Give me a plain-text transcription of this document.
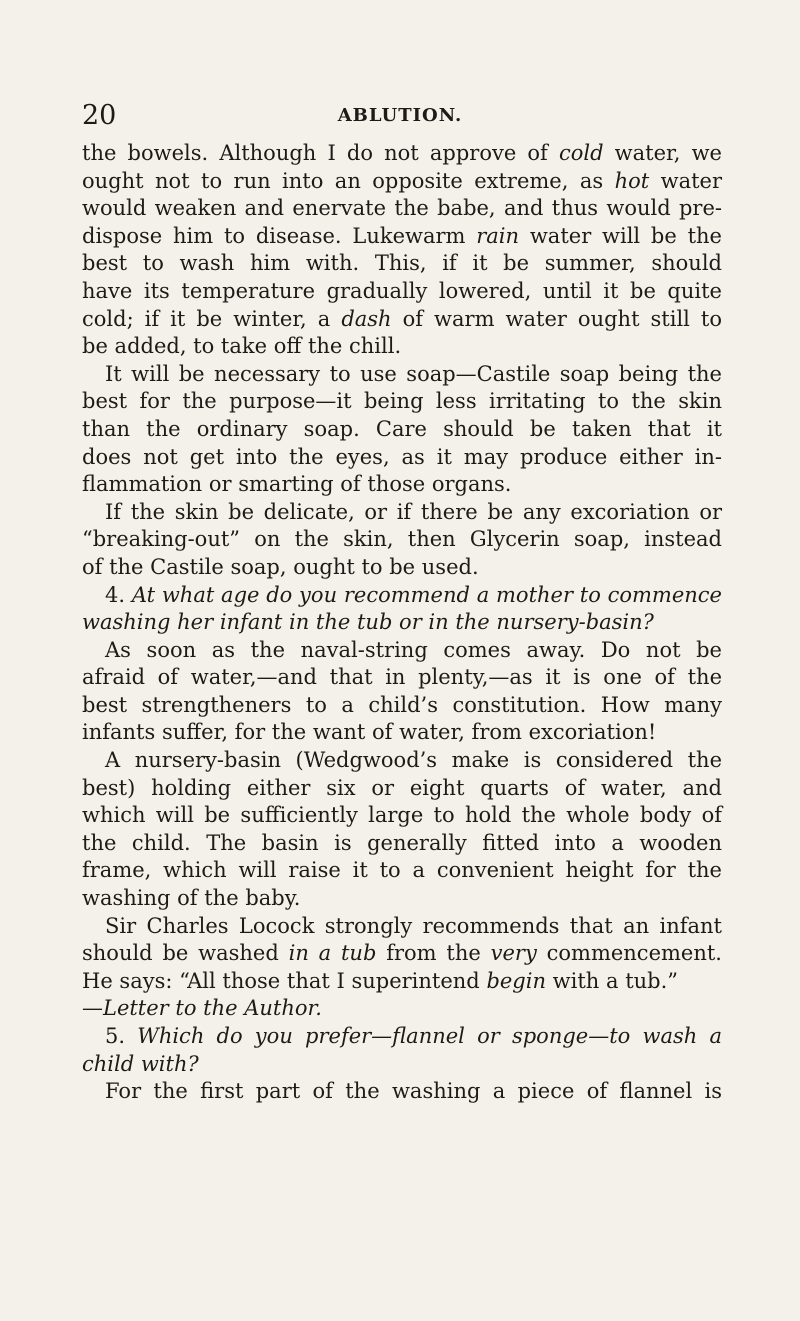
20	ABLUTION.
the bowels. Although I do not approve of cold water, we
ought not to run into an opposite extreme, as hot water
would weaken and enervate the babe, and thus would pre-
dispose him to disease. Lukewarm rain water will be the
best to wash him with. This, if it be summer, should
have its temperature gradually lowered, until it be quite
cold; if it be winter, a dash of warm water ought still to
be added, to take off the chill.
It will be necessary to use soap—Castile soap being the
best for the purpose—it being less irritating to the skin
than the ordinary soap. Care should be taken that it
does not get into the eyes, as it may produce either in-
flammation or smarting of those organs.
If the skin be delicate, or if there be any excoriation or
“breaking-out” on the skin, then Glycerin soap, instead
of the Castile soap, ought to be used.
4. At what age do you recommend a mother to commence
washing her infant in the tub or in the nursery-basin?
As soon as the naval-string comes away. Do not be
afraid of water,—and that in plenty,—as it is one of the
best strengtheners to a child’s constitution. How many
infants suffer, for the want of water, from excoriation!
A nursery-basin (Wedgwood’s make is considered the
best) holding either six or eight quarts of water, and
which will be sufficiently large to hold the whole body of
the child. The basin is generally fitted into a wooden
frame, which will raise it to a convenient height for the
washing of the baby.
Sir Charles Locock strongly recommends that an infant
should be washed in a tub from the very commencement.
He says: “All those that I superintend begin with a tub.”
—Letter to the Author.
5. Which do you prefer—flannel or sponge—to wash a
child with?
For the first part of the washing a piece of flannel is
